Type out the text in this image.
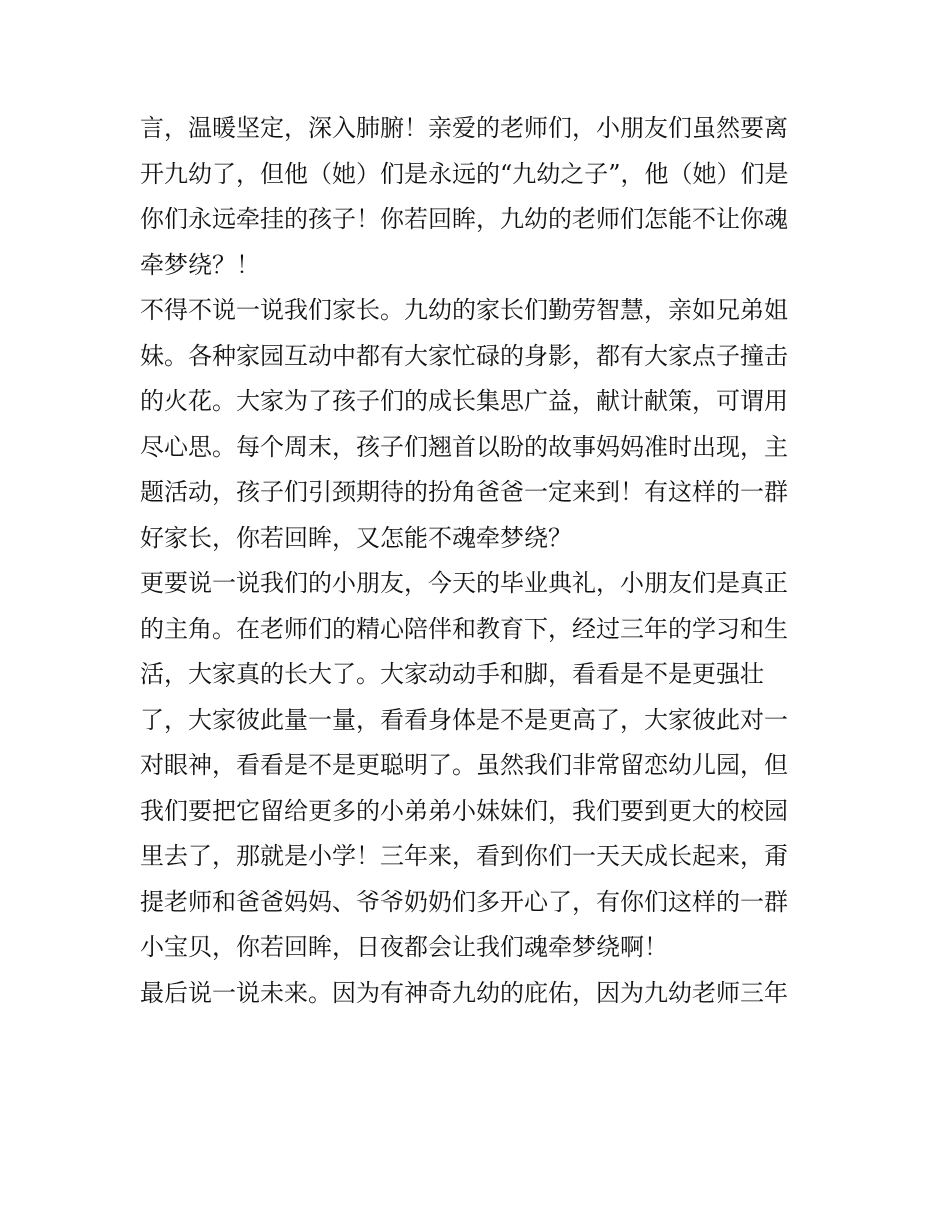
言，温暖坚定，深入肺腑！亲爱的老师们，小朋友们虽然要离
开九幼了，但他（她）们是永远的“九幼之子”，他（她）们是
你们永远牵挂的孩子！你若回眸，九幼的老师们怎能不让你魂
牵梦绕？！
不得不说一说我们家长。九幼的家长们勤劳智慧，亲如兄弟姐
妹。各种家园互动中都有大家忙碌的身影，都有大家点子撞击
的火花。大家为了孩子们的成长集思广益，献计献策，可谓用
尽心思。每个周末，孩子们翘首以盼的故事妈妈准时出现，主
题活动，孩子们引颈期待的扮角爸爸一定来到！有这样的一群
好家长，你若回眸，又怎能不魂牵梦绕？
更要说一说我们的小朋友，今天的毕业典礼，小朋友们是真正
的主角。在老师们的精心陪伴和教育下，经过三年的学习和生
活，大家真的长大了。大家动动手和脚，看看是不是更强壮
了，大家彼此量一量，看看身体是不是更高了，大家彼此对一
对眼神，看看是不是更聪明了。虽然我们非常留恋幼儿园，但
我们要把它留给更多的小弟弟小妹妹们，我们要到更大的校园
里去了，那就是小学！三年来，看到你们一天天成长起来，甭
提老师和爸爸妈妈、爷爷奶奶们多开心了，有你们这样的一群
小宝贝，你若回眸，日夜都会让我们魂牵梦绕啊！
最后说一说未来。因为有神奇九幼的庇佑，因为九幼老师三年
